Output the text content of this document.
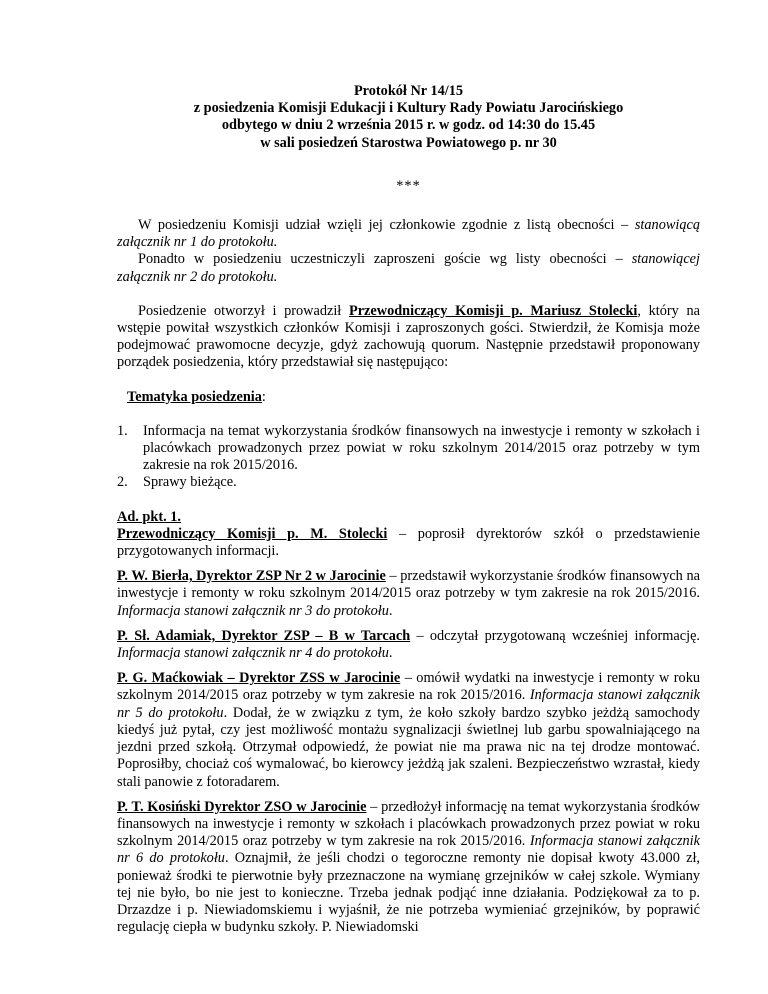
Protokół Nr 14/15
z posiedzenia Komisji Edukacji i Kultury Rady Powiatu Jarocińskiego
odbytego w dniu 2 września 2015 r. w godz. od 14:30 do 15.45
w sali posiedzeń Starostwa Powiatowego p. nr 30
***

W posiedzeniu Komisji udział wzięli jej członkowie zgodnie z listą obecności – stanowiącą załącznik nr 1 do protokołu.

Ponadto w posiedzeniu uczestniczyli zaproszeni goście wg listy obecności – stanowiącej załącznik nr 2 do protokołu.

Posiedzenie otworzył i prowadził Przewodniczący Komisji p. Mariusz Stolecki, który na wstępie powitał wszystkich członków Komisji i zaproszonych gości. Stwierdził, że Komisja może podejmować prawomocne decyzje, gdyż zachowują quorum. Następnie przedstawił proponowany porządek posiedzenia, który przedstawiał się następująco:

Tematyka posiedzenia:

1.	Informacja na temat wykorzystania środków finansowych na inwestycje i remonty w szkołach i placówkach prowadzonych przez powiat w roku szkolnym 2014/2015 oraz potrzeby w tym zakresie na rok 2015/2016.
2.	Sprawy bieżące.

Ad. pkt. 1.
Przewodniczący Komisji p. M. Stolecki – poprosił dyrektorów szkół o przedstawienie przygotowanych informacji.

P. W. Bierła, Dyrektor ZSP Nr 2 w Jarocinie – przedstawił wykorzystanie środków finansowych na inwestycje i remonty w roku szkolnym 2014/2015 oraz potrzeby w tym zakresie na rok 2015/2016. Informacja stanowi załącznik nr 3 do protokołu.

P. Sł. Adamiak, Dyrektor ZSP – B w Tarcach – odczytał przygotowaną wcześniej informację. Informacja stanowi załącznik nr 4 do protokołu.

P. G. Maćkowiak – Dyrektor ZSS w Jarocinie – omówił wydatki na inwestycje i remonty w roku szkolnym 2014/2015 oraz potrzeby w tym zakresie na rok 2015/2016. Informacja stanowi załącznik nr 5 do protokołu. Dodał, że w związku z tym, że koło szkoły bardzo szybko jeżdżą samochody kiedyś już pytał, czy jest możliwość montażu sygnalizacji świetlnej lub garbu spowalniającego na jezdni przed szkołą. Otrzymał odpowiedź, że powiat nie ma prawa nic na tej drodze montować. Poprosiłby, chociaż coś wymalować, bo kierowcy jeżdżą jak szaleni. Bezpieczeństwo wzrastał, kiedy stali panowie z fotoradarem.

P. T. Kosiński Dyrektor ZSO w Jarocinie – przedłożył informację na temat wykorzystania środków finansowych na inwestycje i remonty w szkołach i placówkach prowadzonych przez powiat w roku szkolnym 2014/2015 oraz potrzeby w tym zakresie na rok 2015/2016. Informacja stanowi załącznik nr 6 do protokołu. Oznajmił, że jeśli chodzi o tegoroczne remonty nie dopisał kwoty 43.000 zł, ponieważ środki te pierwotnie były przeznaczone na wymianę grzejników w całej szkole. Wymiany tej nie było, bo nie jest to konieczne. Trzeba jednak podjąć inne działania. Podziękował za to p. Drzazdze i p. Niewiadomskiemu i wyjaśnił, że nie potrzeba wymieniać grzejników, by poprawić regulację ciepła w budynku szkoły. P. Niewiadomski
